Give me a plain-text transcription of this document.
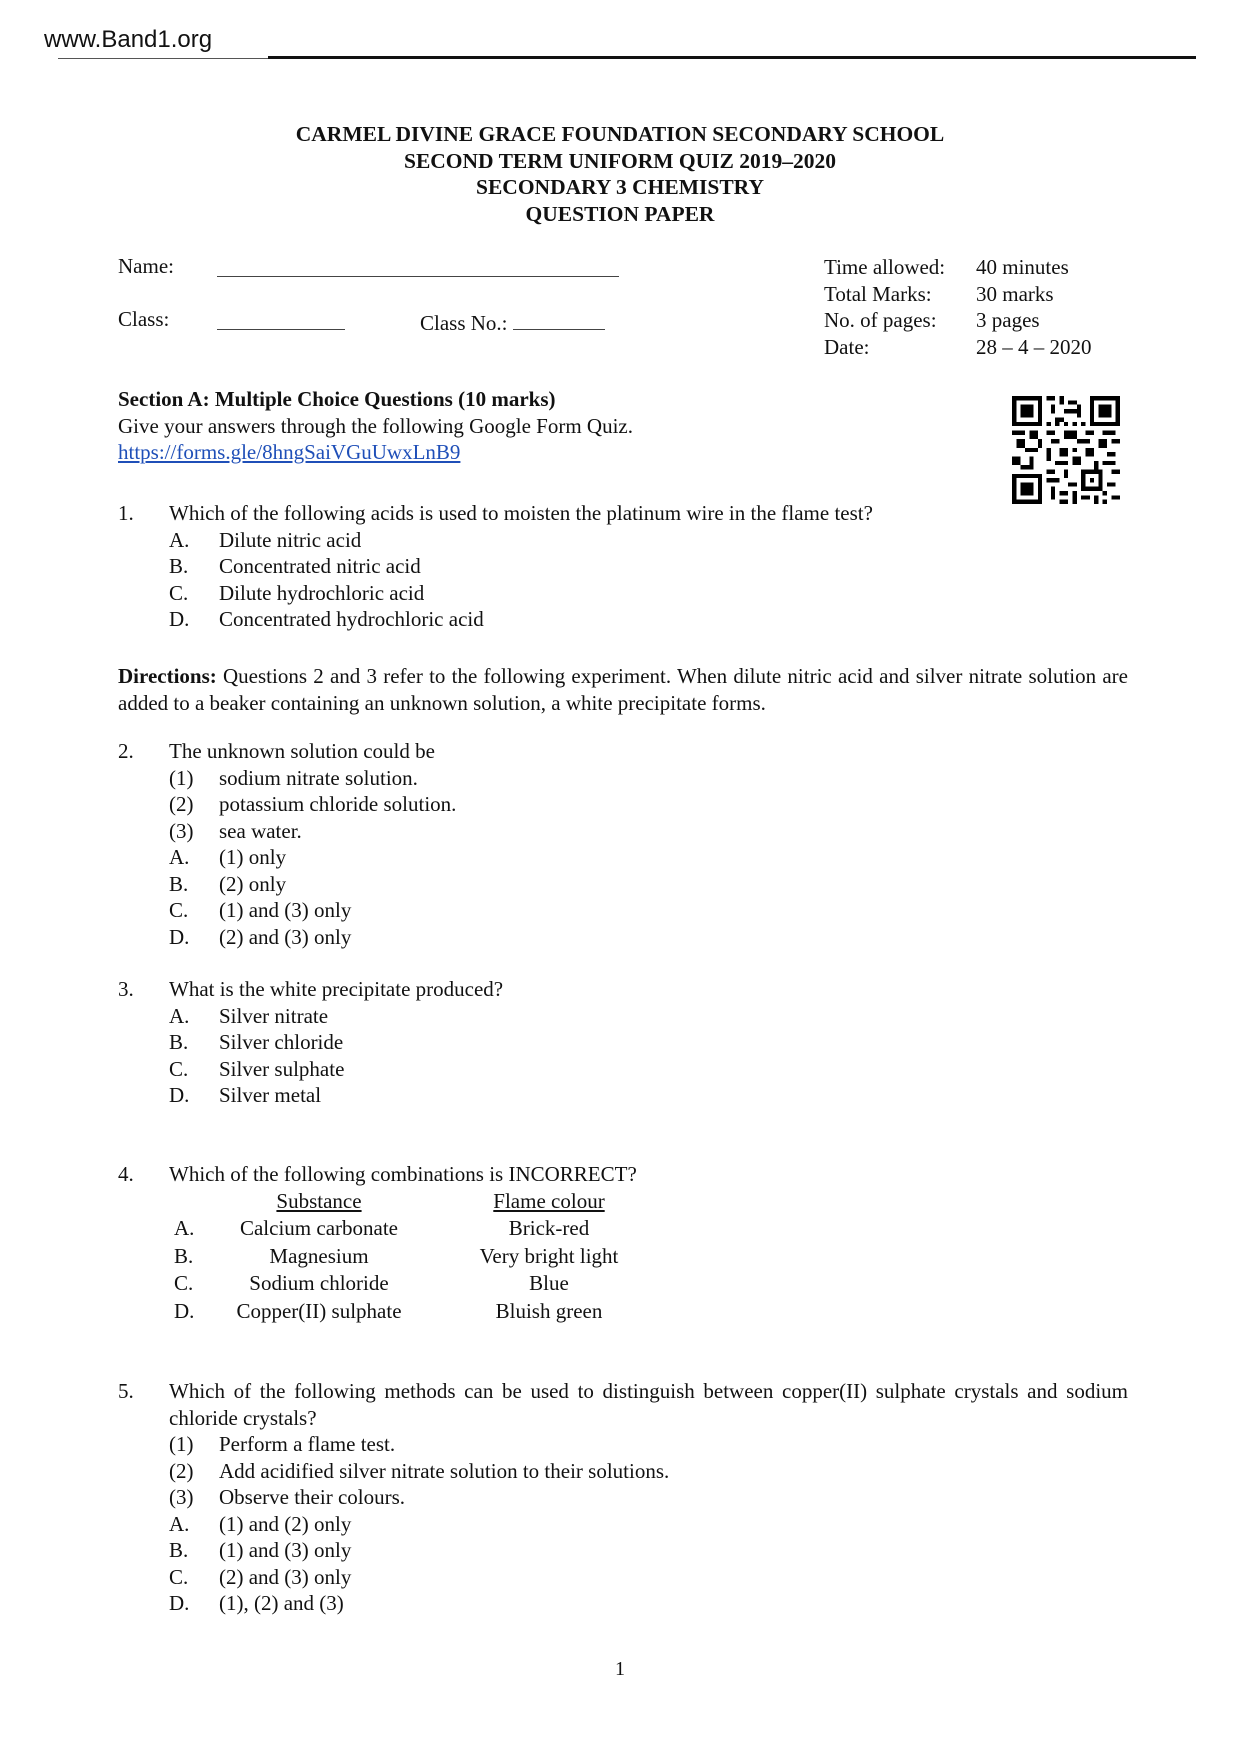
www.Band1.org
CARMEL DIVINE GRACE FOUNDATION SECONDARY SCHOOL
SECOND TERM UNIFORM QUIZ 2019–2020
SECONDARY 3 CHEMISTRY
QUESTION PAPER
Name:
Class:	Class No.:
Time allowed: 40 minutes
Total Marks: 30 marks
No. of pages: 3 pages
Date:	28 – 4 – 2020
Section A: Multiple Choice Questions (10 marks)
Give your answers through the following Google Form Quiz.
https://forms.gle/8hngSaiVGuUwxLnB9
1. Which of the following acids is used to moisten the platinum wire in the flame test?
A. Dilute nitric acid
B. Concentrated nitric acid
C. Dilute hydrochloric acid
D. Concentrated hydrochloric acid
Directions: Questions 2 and 3 refer to the following experiment. When dilute nitric acid and silver nitrate solution are added to a beaker containing an unknown solution, a white precipitate forms.
2. The unknown solution could be
(1) sodium nitrate solution.
(2) potassium chloride solution.
(3) sea water.
A. (1) only
B. (2) only
C. (1) and (3) only
D. (2) and (3) only
3. What is the white precipitate produced?
A. Silver nitrate
B. Silver chloride
C. Silver sulphate
D. Silver metal
4. Which of the following combinations is INCORRECT?
Substance	Flame colour
A.	Calcium carbonate	Brick-red
B.	Magnesium	Very bright light
C.	Sodium chloride	Blue
D.	Copper(II) sulphate	Bluish green
5. Which of the following methods can be used to distinguish between copper(II) sulphate crystals and sodium chloride crystals?
(1) Perform a flame test.
(2) Add acidified silver nitrate solution to their solutions.
(3) Observe their colours.
A. (1) and (2) only
B. (1) and (3) only
C. (2) and (3) only
D. (1), (2) and (3)
1
